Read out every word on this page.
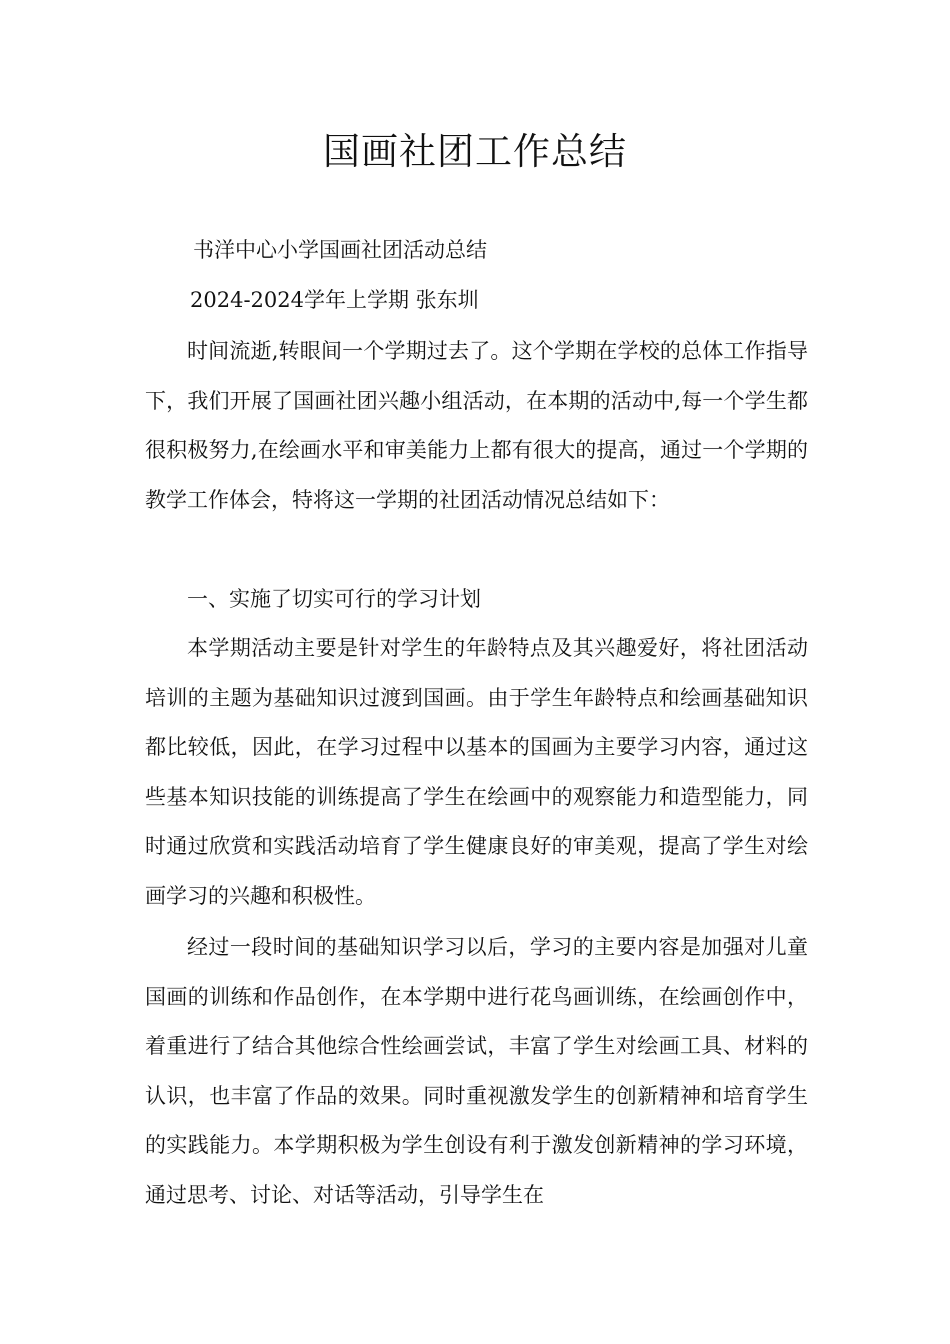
国画社团工作总结

书洋中心小学国画社团活动总结

2024-2024学年上学期 张东圳

时间流逝,转眼间一个学期过去了。这个学期在学校的总体工作指导下，我们开展了国画社团兴趣小组活动，在本期的活动中,每一个学生都很积极努力,在绘画水平和审美能力上都有很大的提高，通过一个学期的教学工作体会，特将这一学期的社团活动情况总结如下：

一、实施了切实可行的学习计划

本学期活动主要是针对学生的年龄特点及其兴趣爱好，将社团活动培训的主题为基础知识过渡到国画。由于学生年龄特点和绘画基础知识都比较低，因此，在学习过程中以基本的国画为主要学习内容，通过这些基本知识技能的训练提高了学生在绘画中的观察能力和造型能力，同时通过欣赏和实践活动培育了学生健康良好的审美观，提高了学生对绘画学习的兴趣和积极性。

经过一段时间的基础知识学习以后，学习的主要内容是加强对儿童国画的训练和作品创作，在本学期中进行花鸟画训练，在绘画创作中，着重进行了结合其他综合性绘画尝试，丰富了学生对绘画工具、材料的认识，也丰富了作品的效果。同时重视激发学生的创新精神和培育学生的实践能力。本学期积极为学生创设有利于激发创新精神的学习环境，通过思考、讨论、对话等活动，引导学生在
